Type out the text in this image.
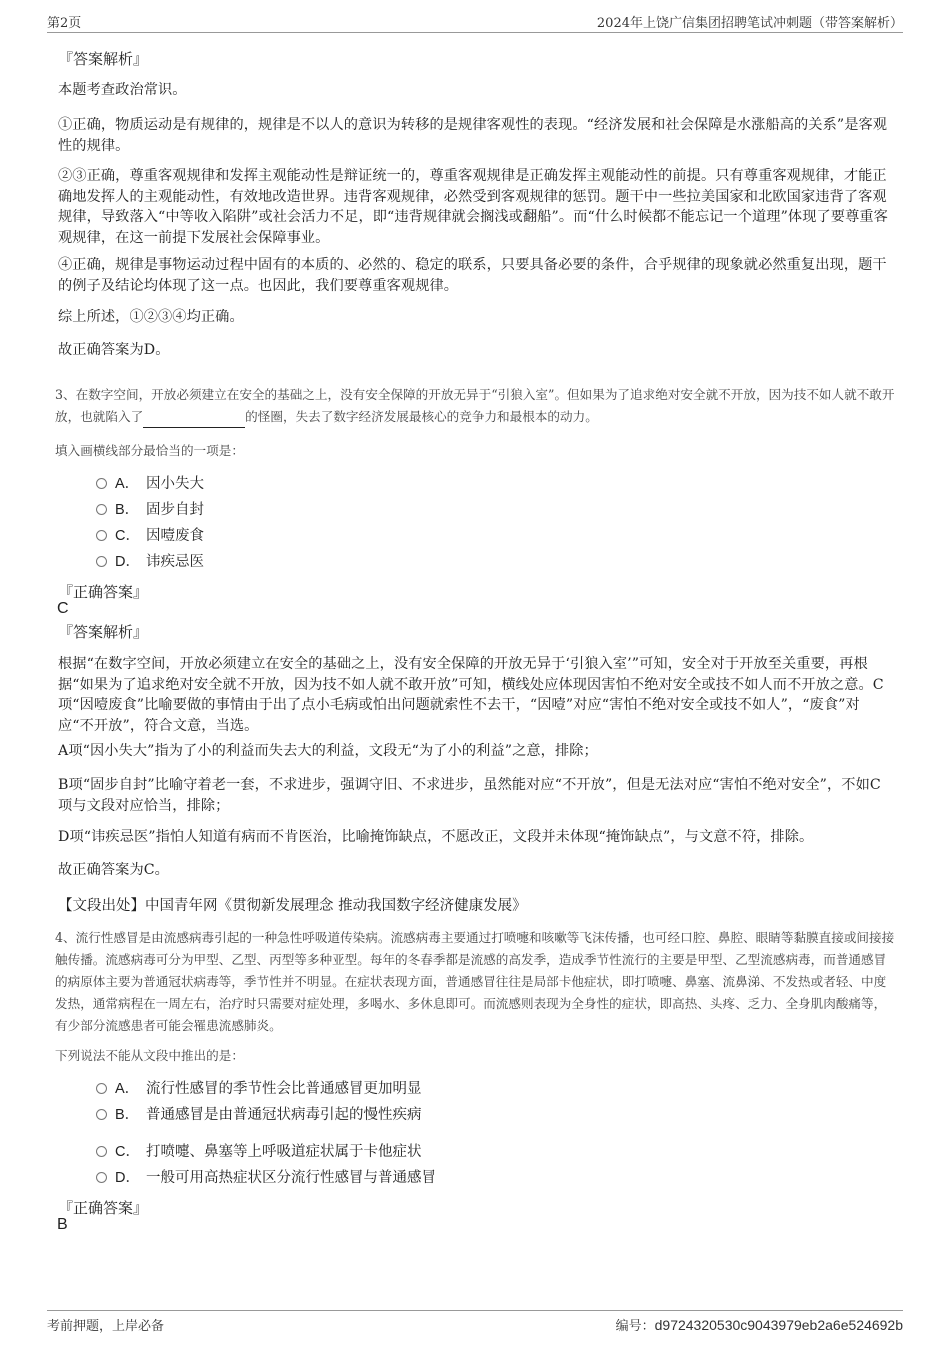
第2页	2024年上饶广信集团招聘笔试冲刺题（带答案解析）
『答案解析』
本题考查政治常识。
①正确，物质运动是有规律的，规律是不以人的意识为转移的是规律客观性的表现。“经济发展和社会保障是水涨船高的关系”是客观性的规律。
②③正确，尊重客观规律和发挥主观能动性是辩证统一的，尊重客观规律是正确发挥主观能动性的前提。只有尊重客观规律，才能正确地发挥人的主观能动性，有效地改造世界。违背客观规律，必然受到客观规律的惩罚。题干中一些拉美国家和北欧国家违背了客观规律，导致落入“中等收入陷阱”或社会活力不足，即“违背规律就会搁浅或翻船”。而“什么时候都不能忘记一个道理”体现了要尊重客观规律，在这一前提下发展社会保障事业。
④正确，规律是事物运动过程中固有的本质的、必然的、稳定的联系，只要具备必要的条件，合乎规律的现象就必然重复出现，题干的例子及结论均体现了这一点。也因此，我们要尊重客观规律。
综上所述，①②③④均正确。
故正确答案为D。
3、在数字空间，开放必须建立在安全的基础之上，没有安全保障的开放无异于“引狼入室”。但如果为了追求绝对安全就不开放，因为技不如人就不敢开放，也就陷入了	的怪圈，失去了数字经济发展最核心的竞争力和最根本的动力。
填入画横线部分最恰当的一项是：
A． 因小失大
B． 固步自封
C． 因噎废食
D． 讳疾忌医
『正确答案』
C
『答案解析』
根据“在数字空间，开放必须建立在安全的基础之上，没有安全保障的开放无异于‘引狼入室’”可知，安全对于开放至关重要，再根据“如果为了追求绝对安全就不开放，因为技不如人就不敢开放”可知，横线处应体现因害怕不绝对安全或技不如人而不开放之意。C项“因噎废食”比喻要做的事情由于出了点小毛病或怕出问题就索性不去干，“因噎”对应“害怕不绝对安全或技不如人”，“废食”对应“不开放”，符合文意，当选。
A项“因小失大”指为了小的利益而失去大的利益，文段无“为了小的利益”之意，排除；
B项“固步自封”比喻守着老一套，不求进步，强调守旧、不求进步，虽然能对应“不开放”，但是无法对应“害怕不绝对安全”，不如C项与文段对应恰当，排除；
D项“讳疾忌医”指怕人知道有病而不肯医治，比喻掩饰缺点，不愿改正，文段并未体现“掩饰缺点”，与文意不符，排除。
故正确答案为C。
【文段出处】中国青年网《贯彻新发展理念 推动我国数字经济健康发展》
4、流行性感冒是由流感病毒引起的一种急性呼吸道传染病。流感病毒主要通过打喷嚏和咳嗽等飞沫传播，也可经口腔、鼻腔、眼睛等黏膜直接或间接接触传播。流感病毒可分为甲型、乙型、丙型等多种亚型。每年的冬春季都是流感的高发季，造成季节性流行的主要是甲型、乙型流感病毒，而普通感冒的病原体主要为普通冠状病毒等，季节性并不明显。在症状表现方面，普通感冒往往是局部卡他症状，即打喷嚏、鼻塞、流鼻涕、不发热或者轻、中度发热，通常病程在一周左右，治疗时只需要对症处理，多喝水、多休息即可。而流感则表现为全身性的症状，即高热、头疼、乏力、全身肌肉酸痛等，有少部分流感患者可能会罹患流感肺炎。
下列说法不能从文段中推出的是：
A． 流行性感冒的季节性会比普通感冒更加明显
B． 普通感冒是由普通冠状病毒引起的慢性疾病
C． 打喷嚏、鼻塞等上呼吸道症状属于卡他症状
D． 一般可用高热症状区分流行性感冒与普通感冒
『正确答案』
B
考前押题，上岸必备	编号：d9724320530c9043979eb2a6e524692b
